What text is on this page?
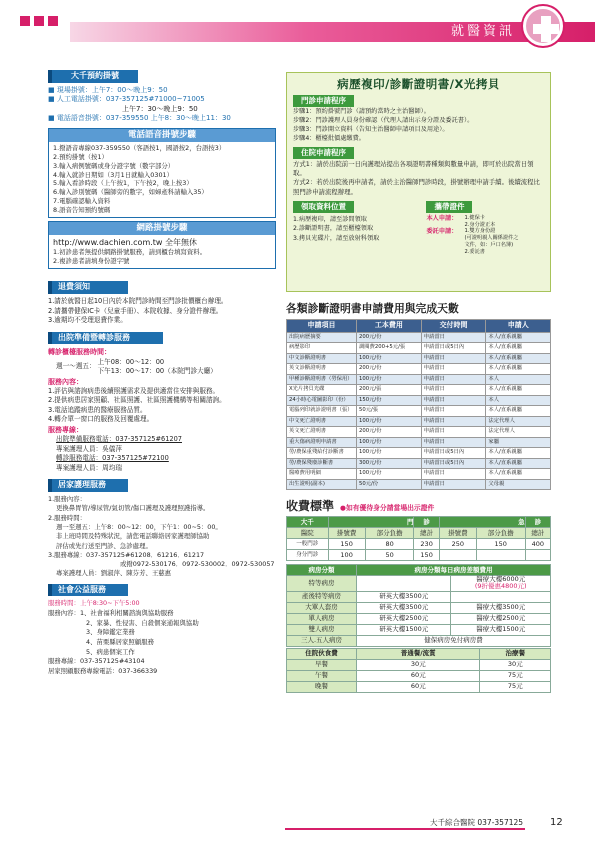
就醫資訊
大千預約掛號
■ 現場掛號：上午7：00～晚上9：50
■ 人工電話掛號：037-357125#71000~71005
上午7：30～晚上9：50
■ 電話語音掛號：037-359550 上午8：30～晚上11：30
電話語音掛號步驟
1.撥語音專線037-359550（客語按1，國語按2，台語按3）
2.預約掛號（按1）
3.輸入病例號碼或身分證字號（數字部分）
4.輸入就診日期如（3月1日就輸入0301）
5.輸入看診時段（上午按1，下午按2，晚上按3）
6.輸入診別號碼（醫師旁的數字，如婦產科請輸入35）
7.電腦確認輸入資料
8.語音告知預約號碼
網路掛號步驟
http://www.dachien.com.tw 全年無休
1.初診患者無提供網路掛號服務，請到櫃台填寫資料。
2.複診患者請填身份證字號
退費須知
1.請於就醫日起10日內於本院門診時間至門診批價櫃台辦理。
2.請攜帶健保IC卡（兒童手冊）、本院收據、身分證件辦理。
3.逾期均不受理退費作業。
出院準備暨轉診服務
轉診櫃檯服務時間：
週一～週五：
上午08：00～12：00
下午13：00～17：00（本院門診大廳）
服務內容：
1.評估與諮詢病患後續照護需求及提供適當住安排與服務。
2.提供病患居家照顧、社區照護、社區照護機構等相關諮詢。
3.電話追蹤病患的醫療服務品質。
4.轉介單一窗口的服務及回覆處理。
服務專線：
出院準備服務電話：037-357125#61207
專案護理人員：吳儀萍
轉診服務電話：037-357125#72100
專案護理人員：周均瑞
居家護理服務
1.服務內容：
更換鼻胃管/導尿管/氣切管/傷口護理及護理照護指導。
2.服務時間：
週一至週五：上午8：00~12：00，下午1：00~5：00。
非上班時間及特殊狀況，請您電話聯絡居家護理師協助
評估或先行送至門診、急診處理。
3.服務專線：037-357125#61208．61216．61217
或撥0972-530176．0972-530002．0972-530057
專案護理人員：劉淑萍、陳芬芳、王慈惠
社會公益服務
服務時間：上午8:30~下午5:00
服務內容：1、社會福利相關諮詢與協助服務
2、家暴、性侵害、自殺個案通報與協助
3、身障鑑定業務
4、苗栗縣居家照顧服務
5、病患個案工作
服務專線：037-357125#43104
居家照顧服務專線電話：037-366339
病歷複印/診斷證明書/X光拷貝
門診申請程序
步驟1：預約掛號門診（請預約當時之主治醫師）。
步驟2：門診護理人員身份確認（代理人請出示身分證及委託書）。
步驟3：門診開立資料（告知主治醫師申請項目及用途）。
步驟4：櫃檯批價處繳費。
住院申請程序
方式1：請於出院前一日向護理站提出各項證明書種類與數量申請，即可於出院當日領取。
方式2：若於出院後再申請者，請於主治醫師門診時段，掛號辦理申請手續。後續流程比照門診申請流程辦理。
領取資料位置
1.病歷複印，請至診間領取
2.診斷證明書，請至櫃檯領取
3.拷貝光碟片，請至放射科領取
攜帶證件
本人申請：	1.健保卡
2.身分證正本
委託申請：	1.雙方身份證
(可證明親人關係證件之
文件，如：戶口名簿)
2.委託書
各類診斷證明書申請費用與完成天數
申請項目	工本費用	交付時間	申請人
出院病歷摘要	200元/份	申請當日	本人/直系親屬
病歷影印	調閱費200+5元/張	申請當日或5日內	本人/直系親屬
中文診斷證明書	100元/份	申請當日	本人/直系親屬
英文診斷證明書	200元/份	申請當日	本人/直系親屬
甲種診斷證明書（勞保用）	100元/份	申請當日	本人
X光片拷貝光碟	200元/張	申請當日	本人/直系親屬
24小時心電圖影印（份）	150元/份	申請當日	本人
電腦列印就診證明書（張）	50元/張	申請當日	本人/直系親屬
中文死亡證明書	100元/份	申請當日	法定代理人
英文死亡證明書	200元/份	申請當日	法定代理人
重大傷病證明申請書	100元/份	申請當日	家屬
勞/農保重殘給付診斷書	100元/份	申請當日或5日內	本人/直系親屬
勞/農保殘廢診斷書	300元/份	申請當日或5日內	本人/直系親屬
醫療費用明細	100元/份	申請當日	本人/直系親屬
出生證明(副本)	50元/份	申請當日	父母親
收費標準 ●如有優待身分請當場出示證件
大千	門		診	急		診
醫院	掛號費	部分負擔	總計	掛號費	部分負擔	總計
一般門診	150	80	230	250	150	400
身分門診	100	50	150			
病房分類	病房分類每日病房差額費用	
特等病房		醫療大樓6000元
(9折優惠4800元)

產後特等病房	研英大樓3500元	
大單人套房	研英大樓3500元	醫療大樓3500元
單人病房	研英大樓2500元	醫療大樓2500元
雙人病房	研英大樓1500元	醫療大樓1500元
三人.五人病房	健保病房免付病房費	
住院伙食費	普通餐/流質	治療餐
早餐	30元	30元
午餐	60元	75元
晚餐	60元	75元
大千綜合醫院 037-357125	12
